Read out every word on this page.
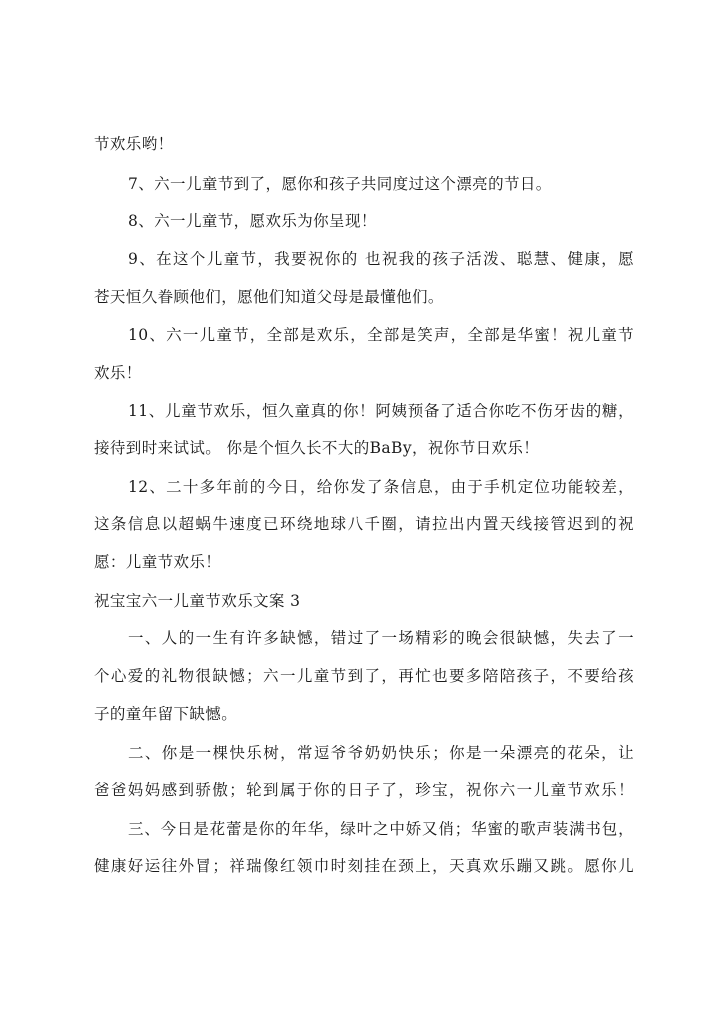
节欢乐哟！
7、六一儿童节到了，愿你和孩子共同度过这个漂亮的节日。
8、六一儿童节，愿欢乐为你呈现！
9、在这个儿童节，我要祝你的 也祝我的孩子活泼、聪慧、健康，愿
苍天恒久眷顾他们，愿他们知道父母是最懂他们。
10、六一儿童节，全部是欢乐，全部是笑声，全部是华蜜！祝儿童节
欢乐！
11、儿童节欢乐，恒久童真的你！阿姨预备了适合你吃不伤牙齿的糖，
接待到时来试试。 你是个恒久长不大的BaBy，祝你节日欢乐！
12、二十多年前的今日，给你发了条信息，由于手机定位功能较差，
这条信息以超蜗牛速度已环绕地球八千圈，请拉出内置天线接管迟到的祝
愿：儿童节欢乐！
祝宝宝六一儿童节欢乐文案 3
一、人的一生有许多缺憾，错过了一场精彩的晚会很缺憾，失去了一
个心爱的礼物很缺憾；六一儿童节到了，再忙也要多陪陪孩子，不要给孩
子的童年留下缺憾。
二、你是一棵快乐树，常逗爷爷奶奶快乐；你是一朵漂亮的花朵，让
爸爸妈妈感到骄傲；轮到属于你的日子了，珍宝，祝你六一儿童节欢乐！
三、今日是花蕾是你的年华，绿叶之中娇又俏；华蜜的歌声装满书包，
健康好运往外冒；祥瑞像红领巾时刻挂在颈上，天真欢乐蹦又跳。愿你儿
